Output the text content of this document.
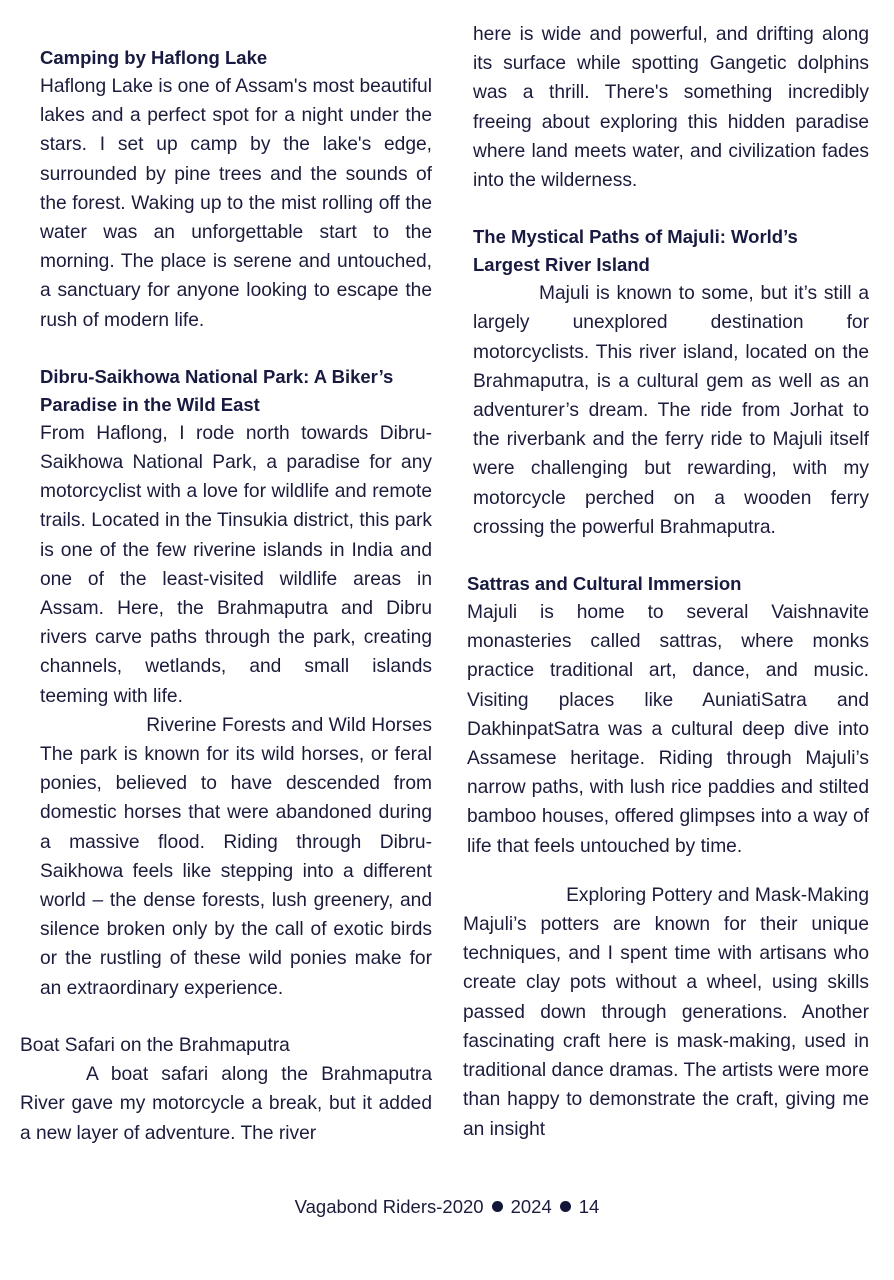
Camping by Haflong Lake

Haflong Lake is one of Assam's most beautiful lakes and a perfect spot for a night under the stars. I set up camp by the lake's edge, surrounded by pine trees and the sounds of the forest. Waking up to the mist rolling off the water was an unforgettable start to the morning. The place is serene and untouched, a sanctuary for anyone looking to escape the rush of modern life.

Dibru-Saikhowa National Park: A Biker’s Paradise in the Wild East

From Haflong, I rode north towards Dibru-Saikhowa National Park, a paradise for any motorcyclist with a love for wildlife and remote trails. Located in the Tinsukia district, this park is one of the few riverine islands in India and one of the least-visited wildlife areas in Assam. Here, the Brahmaputra and Dibru rivers carve paths through the park, creating channels, wetlands, and small islands teeming with life.

Riverine Forests and Wild Horses

The park is known for its wild horses, or feral ponies, believed to have descended from domestic horses that were abandoned during a massive flood. Riding through Dibru-Saikhowa feels like stepping into a different world – the dense forests, lush greenery, and silence broken only by the call of exotic birds or the rustling of these wild ponies make for an extraordinary experience.

Boat Safari on the Brahmaputra

A boat safari along the Brahmaputra River gave my motorcycle a break, but it added a new layer of adventure. The river

here is wide and powerful, and drifting along its surface while spotting Gangetic dolphins was a thrill. There's something incredibly freeing about exploring this hidden paradise where land meets water, and civilization fades into the wilderness.

The Mystical Paths of Majuli: World’s Largest River Island

Majuli is known to some, but it’s still a largely unexplored destination for motorcyclists. This river island, located on the Brahmaputra, is a cultural gem as well as an adventurer’s dream. The ride from Jorhat to the riverbank and the ferry ride to Majuli itself were challenging but rewarding, with my motorcycle perched on a wooden ferry crossing the powerful Brahmaputra.

Sattras and Cultural Immersion

Majuli is home to several Vaishnavite monasteries called sattras, where monks practice traditional art, dance, and music. Visiting places like AuniatiSatra and DakhinpatSatra was a cultural deep dive into Assamese heritage. Riding through Majuli’s narrow paths, with lush rice paddies and stilted bamboo houses, offered glimpses into a way of life that feels untouched by time.

Exploring Pottery and Mask-Making

Majuli’s potters are known for their unique techniques, and I spent time with artisans who create clay pots without a wheel, using skills passed down through generations. Another fascinating craft here is mask-making, used in traditional dance dramas. The artists were more than happy to demonstrate the craft, giving me an insight

Vagabond Riders-2020 2024 14
